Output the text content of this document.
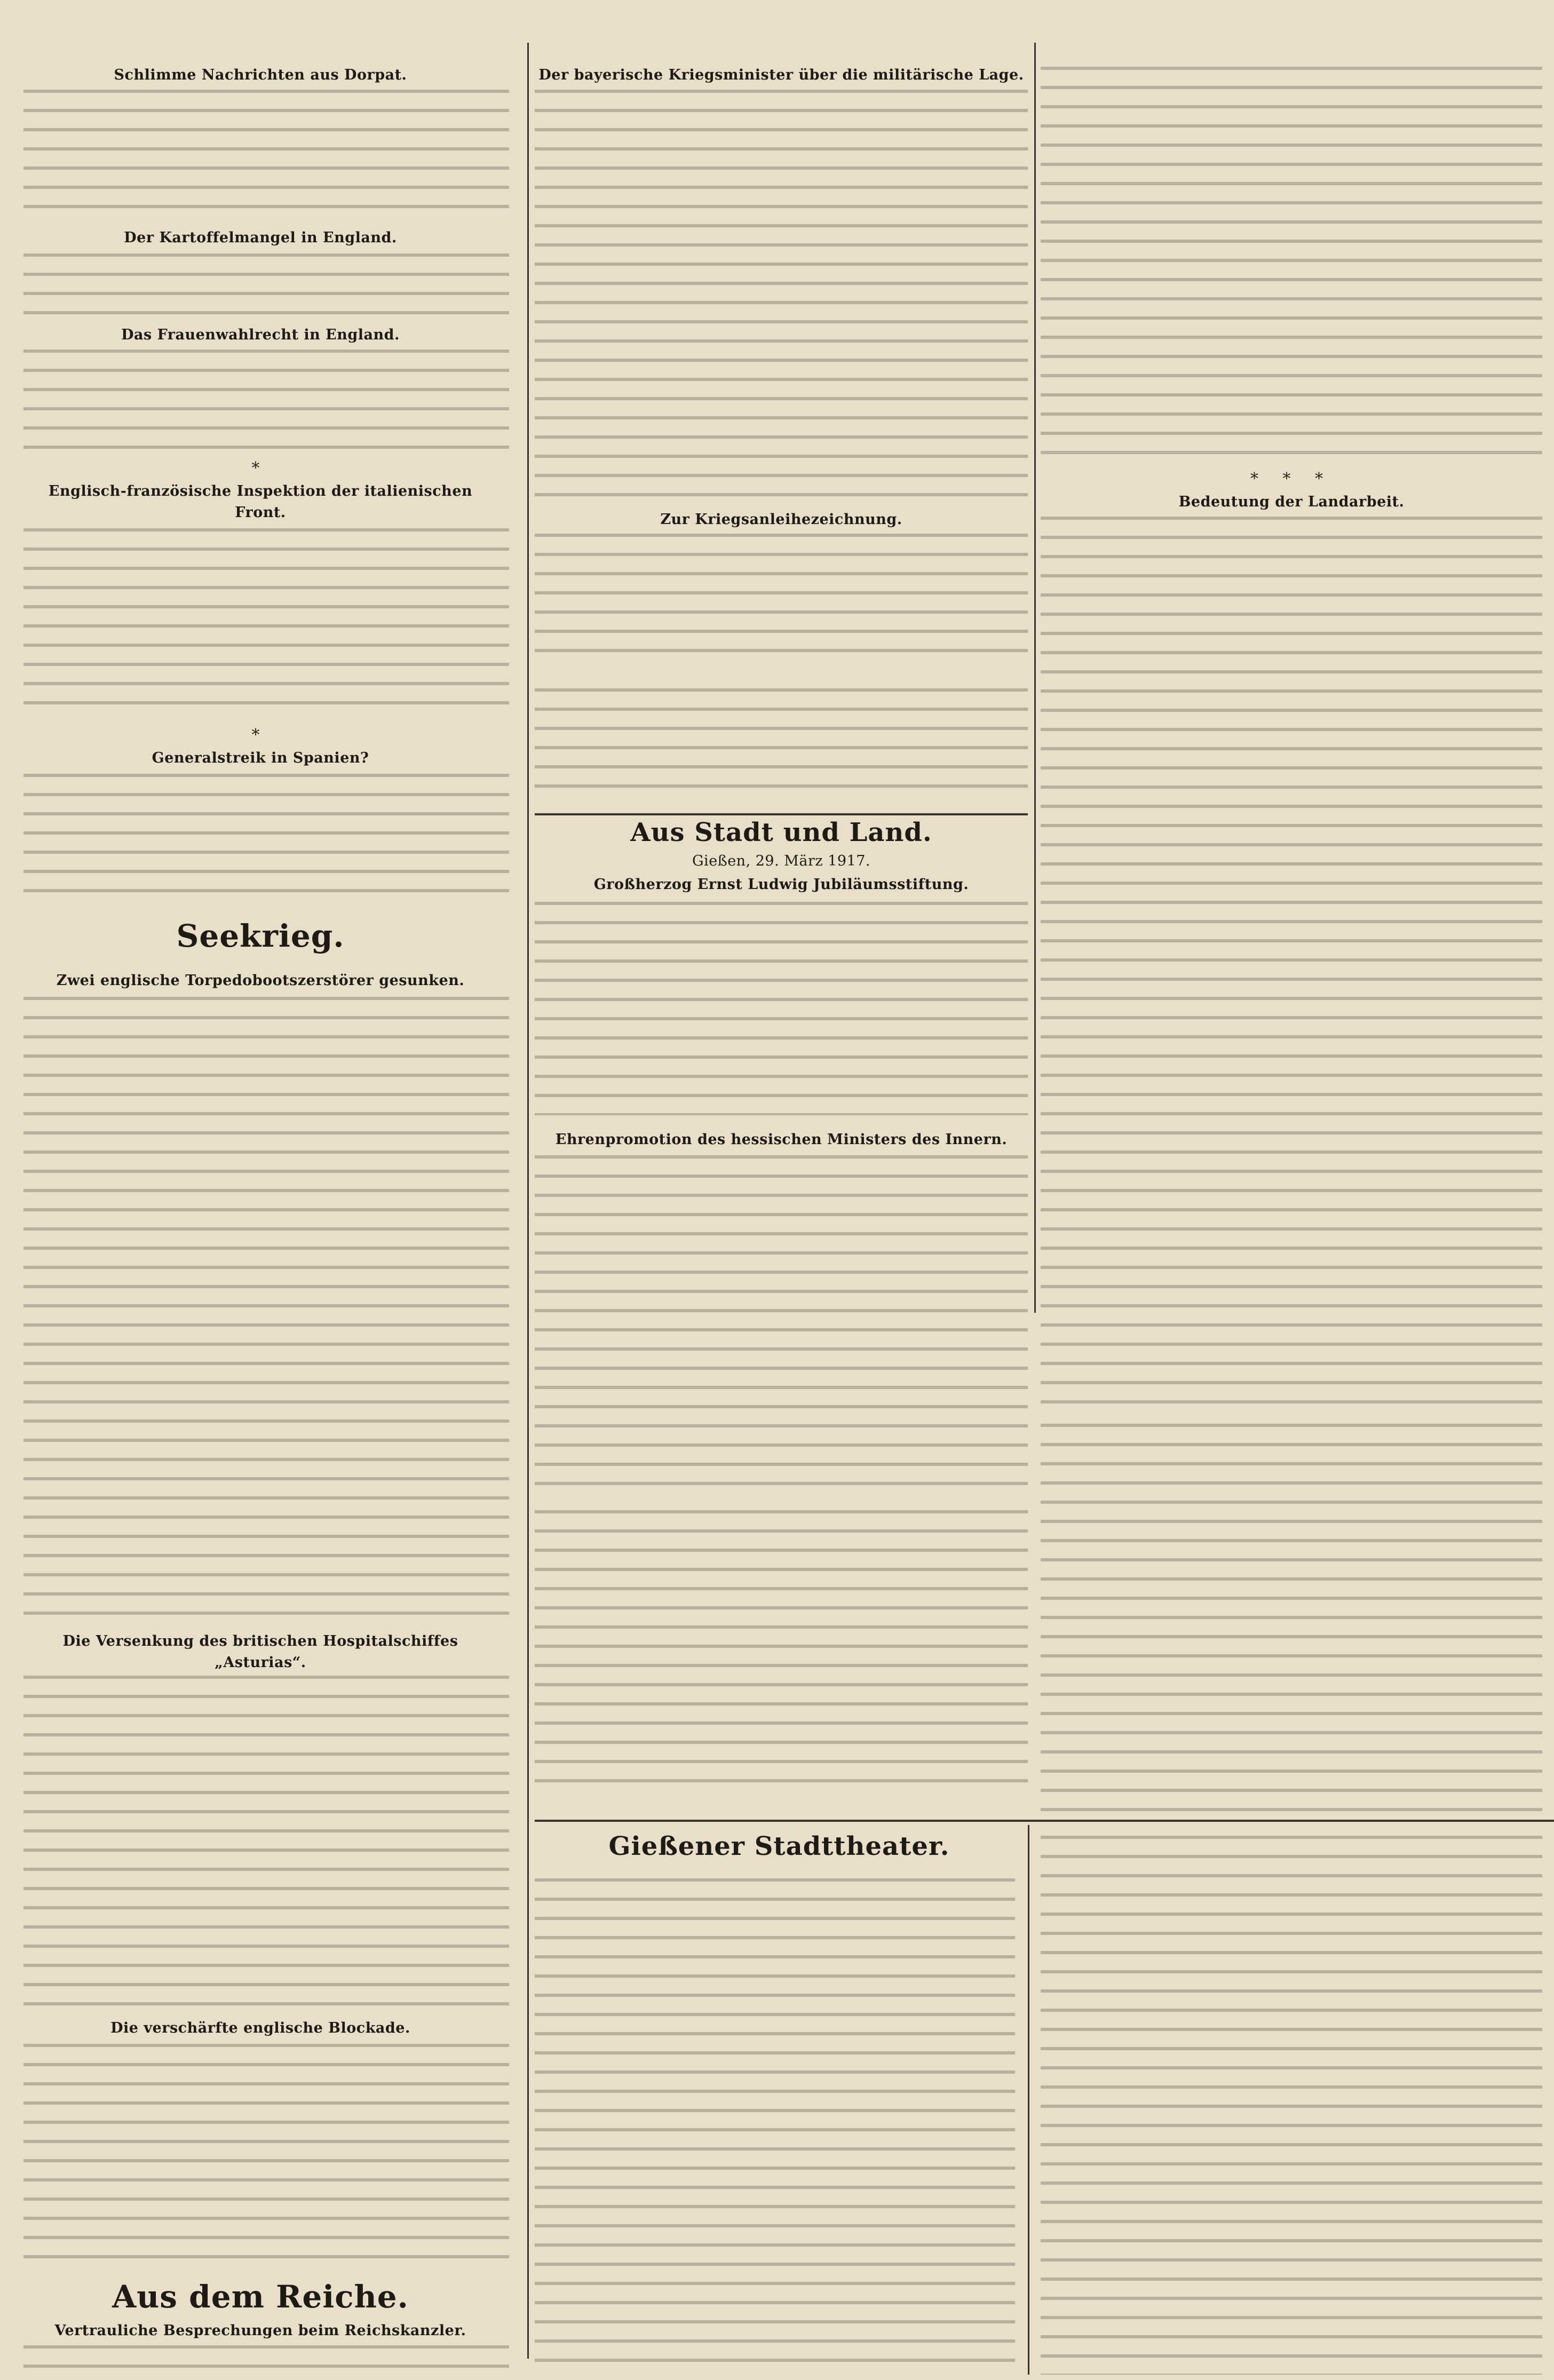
Schlimme Nachrichten aus Dorpat.
Der Kartoffelmangel in England.
Das Frauenwahlrecht in England.
*
Englisch-französische Inspektion der italienischen
Front.
*
Generalstreik in Spanien?
Seekrieg.
Zwei englische Torpedobootszerstörer gesunken.
Die Versenkung des britischen Hospitalschiffes
„Asturias“.
Die verschärfte englische Blockade.
Aus dem Reiche.
Vertrauliche Besprechungen beim Reichskanzler.
Der bayerische Kriegsminister über die militärische Lage.
Zur Kriegsanleihezeichnung.
Aus Stadt und Land.
Gießen, 29. März 1917.
Großherzog Ernst Ludwig Jubiläumsstiftung.
Ehrenpromotion des hessischen Ministers des Innern.
* * *
Bedeutung der Landarbeit.
Gießener Stadttheater.
